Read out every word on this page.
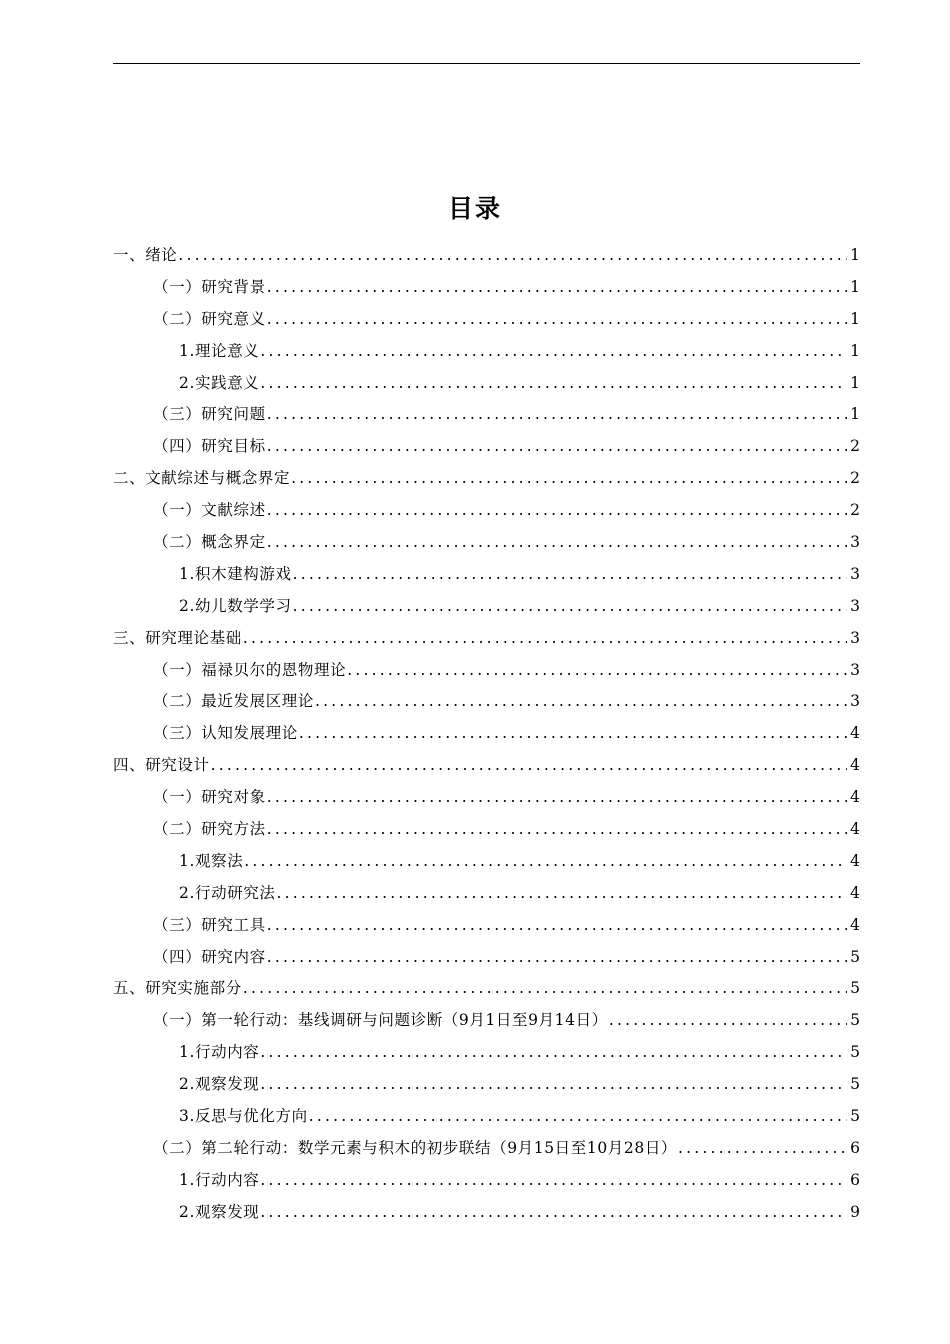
目录
一、绪论 .....	1
（一）研究背景 .....	1
（二）研究意义 .....	1
1.理论意义 .....	1
2.实践意义 .....	1
（三）研究问题 .....	1
（四）研究目标 .....	2
二、文献综述与概念界定 .....	2
（一）文献综述 .....	2
（二）概念界定 .....	3
1.积木建构游戏 .....	3
2.幼儿数学学习 .....	3
三、研究理论基础 .....	3
（一）福禄贝尔的恩物理论 .....	3
（二）最近发展区理论 .....	3
（三）认知发展理论 .....	4
四、研究设计 .....	4
（一）研究对象 .....	4
（二）研究方法 .....	4
1.观察法 .....	4
2.行动研究法 .....	4
（三）研究工具 .....	4
（四）研究内容 .....	5
五、研究实施部分 .....	5
（一）第一轮行动：基线调研与问题诊断（9月1日至9月14日） .....	5
1.行动内容 .....	5
2.观察发现 .....	5
3.反思与优化方向 .....	5
（二）第二轮行动：数学元素与积木的初步联结（9月15日至10月28日） .....	6
1.行动内容 .....	6
2.观察发现 .....	9
